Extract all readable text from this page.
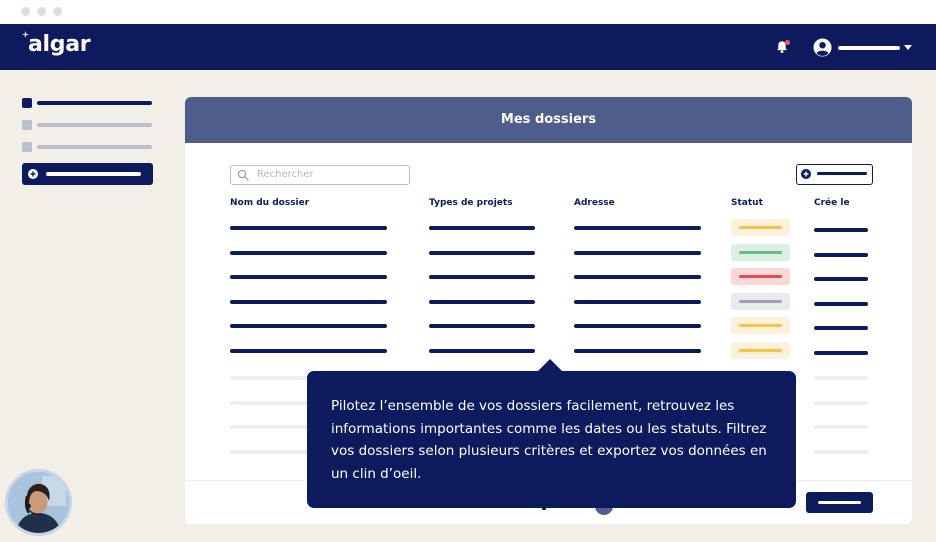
algar
Mes dossiers
Rechercher
Nom du dossier	Types de projets	Adresse	Statut	Crée le
Pilotez l’ensemble de vos dossiers facilement, retrouvez les informations importantes comme les dates ou les statuts. Filtrez vos dossiers selon plusieurs critères et exportez vos données en un clin d’oeil.
